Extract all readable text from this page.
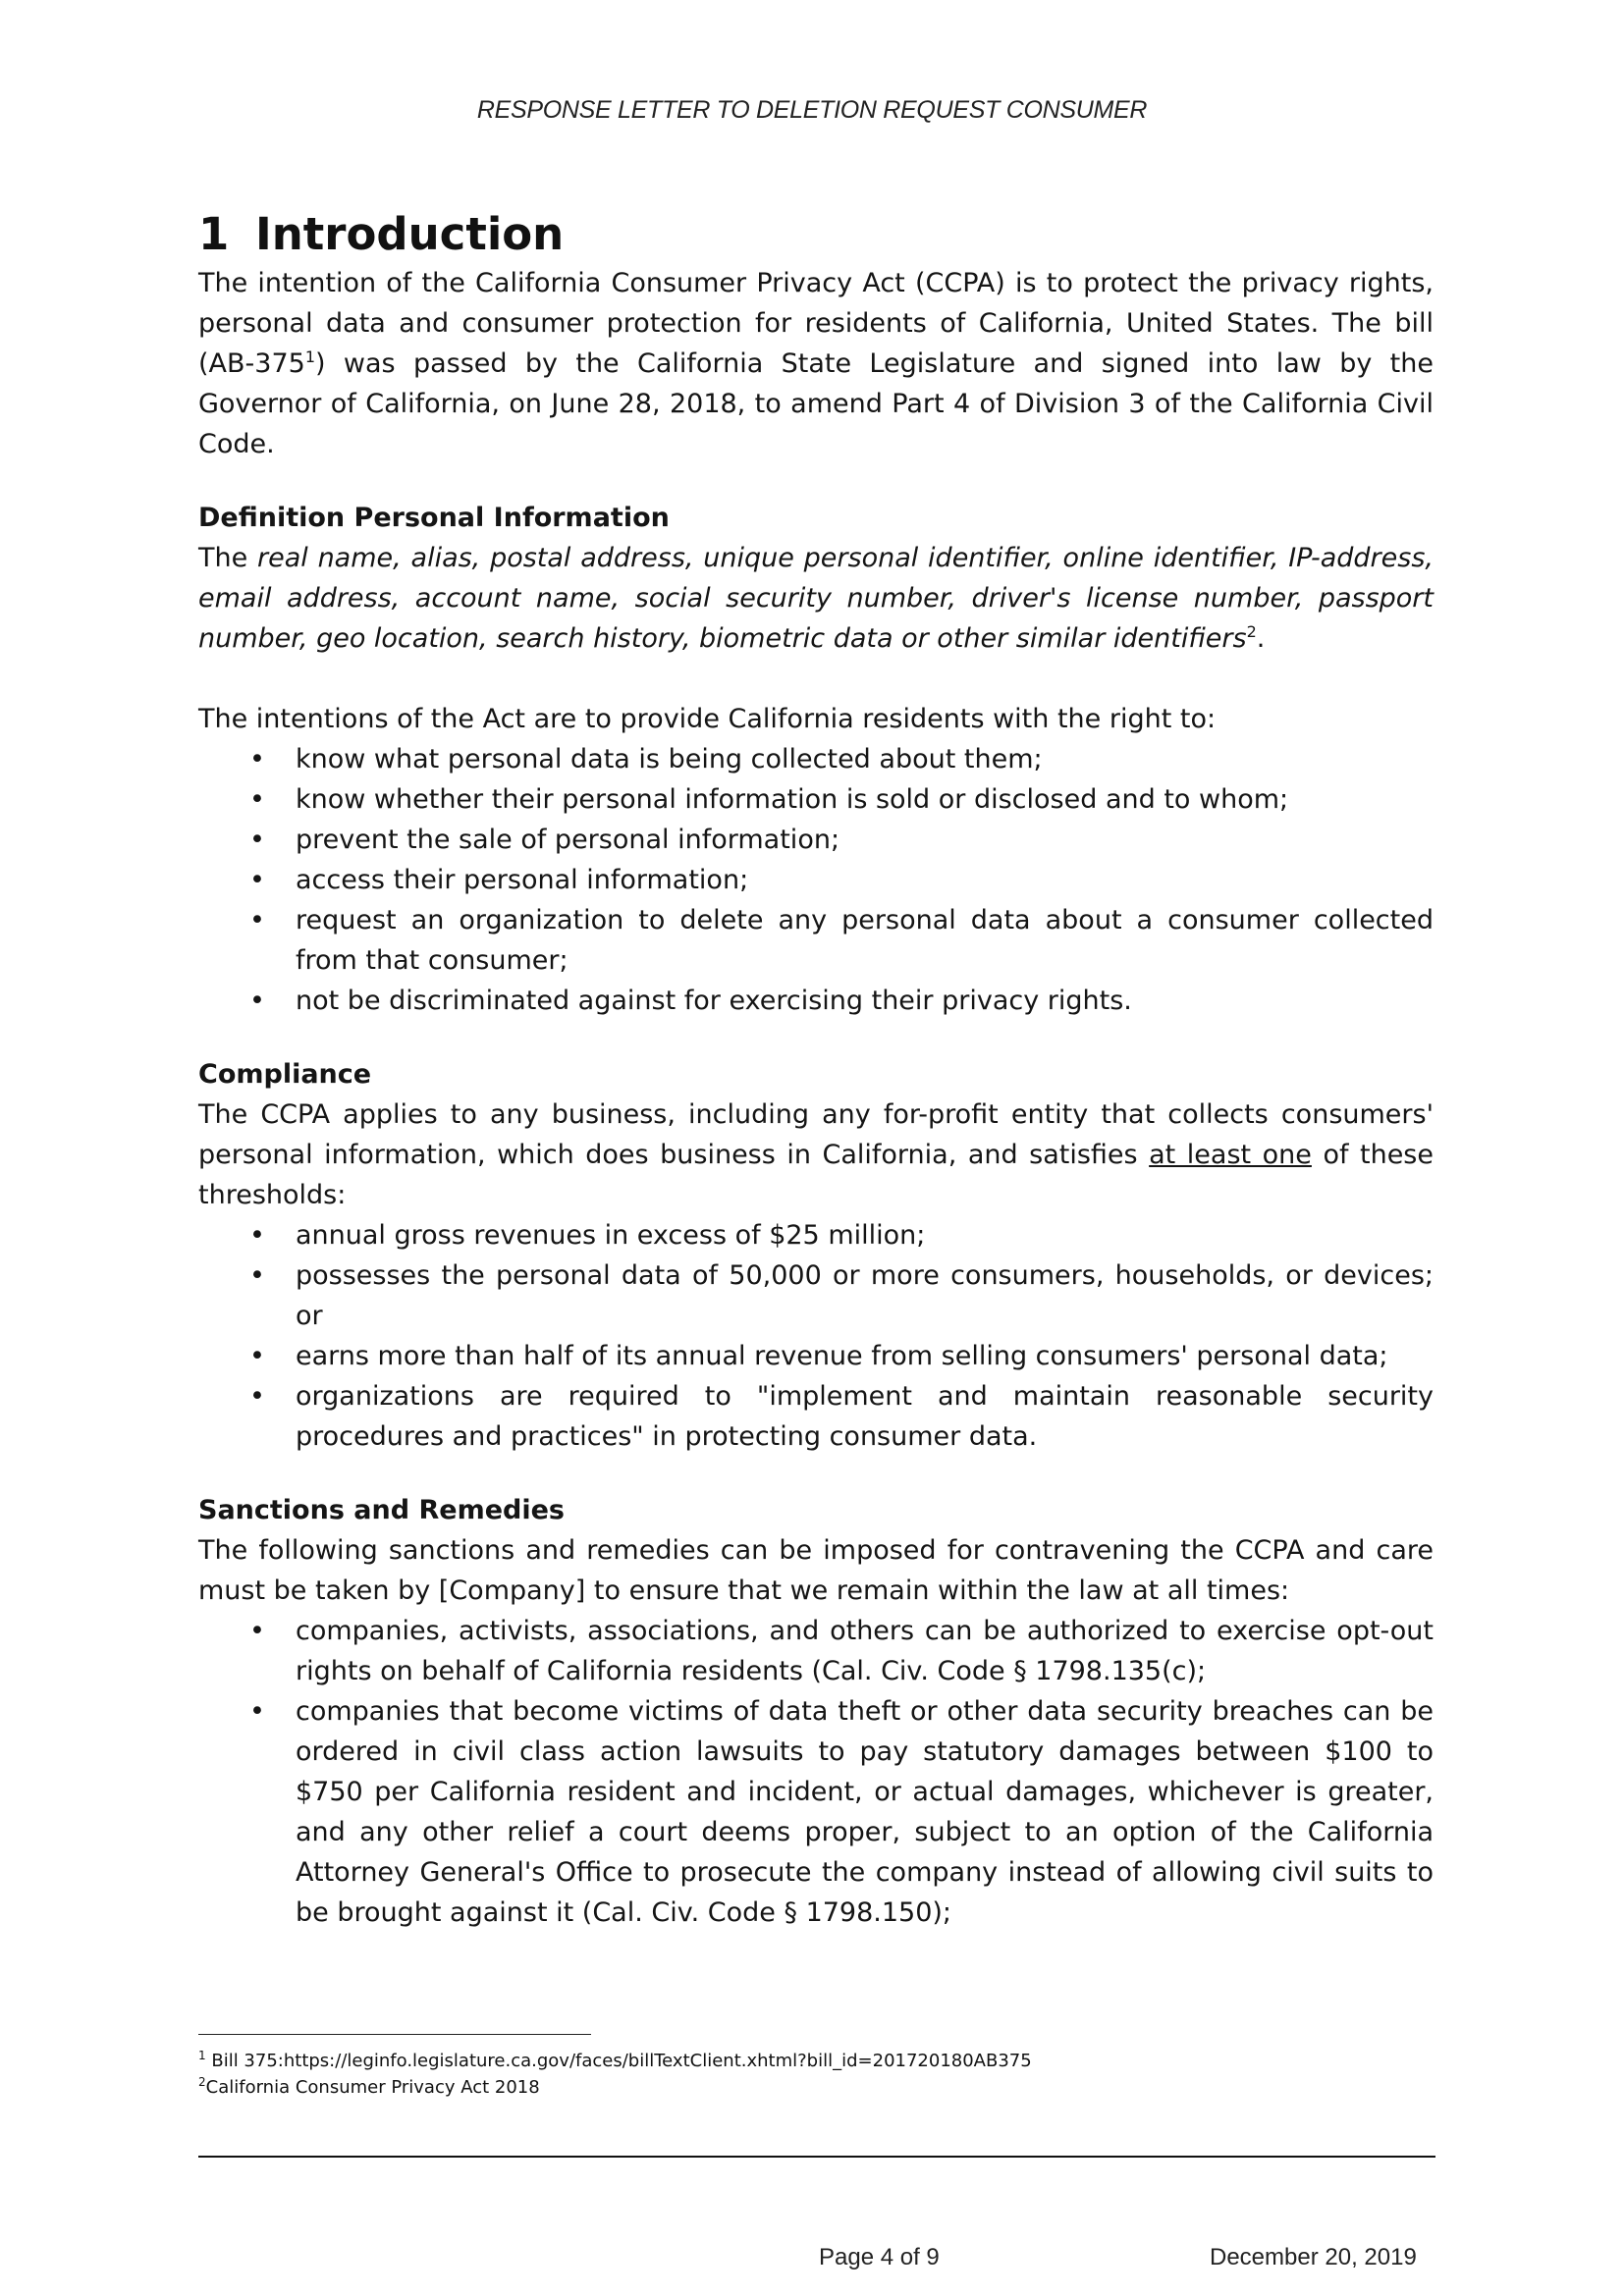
RESPONSE LETTER TO DELETION REQUEST CONSUMER
1 Introduction

The intention of the California Consumer Privacy Act (CCPA) is to protect the privacy rights, personal data and consumer protection for residents of California, United States. The bill $(AB-375^1)$ was passed by the California State Legislature and signed into law by the Governor of California, on June 28, 2018, to amend Part 4 of Division 3 of the California Civil Code.

Definition Personal Information

The real name, alias, postal address, unique personal identifier, online identifier, IP-address, email address, account name, social security number, driver's license number, passport number, geo location, search history, biometric data or other similar identifiers$^2$.

The intentions of the Act are to provide California residents with the right to:

• know what personal data is being collected about them;
• know whether their personal information is sold or disclosed and to whom;
• prevent the sale of personal information;
• access their personal information;
• request an organization to delete any personal data about a consumer collected from that consumer;
• not be discriminated against for exercising their privacy rights.

Compliance

The CCPA applies to any business, including any for-profit entity that collects consumers' personal information, which does business in California, and satisfies at least one of these thresholds:

• annual gross revenues in excess of $25 million;
• possesses the personal data of 50,000 or more consumers, households, or devices; or
• earns more than half of its annual revenue from selling consumers' personal data;
• organizations are required to "implement and maintain reasonable security procedures and practices" in protecting consumer data.

Sanctions and Remedies

The following sanctions and remedies can be imposed for contravening the CCPA and care must be taken by [Company] to ensure that we remain within the law at all times:

• companies, activists, associations, and others can be authorized to exercise opt-out rights on behalf of California residents (Cal. Civ. Code § 1798.135(c);
• companies that become victims of data theft or other data security breaches can be ordered in civil class action lawsuits to pay statutory damages between $100 to $750 per California resident and incident, or actual damages, whichever is greater, and any other relief a court deems proper, subject to an option of the California Attorney General's Office to prosecute the company instead of allowing civil suits to be brought against it (Cal. Civ. Code § 1798.150);
$^1$ Bill 375:https://leginfo.legislature.ca.gov/faces/billTextClient.xhtml?bill_id=201720180AB375
$^2$California Consumer Privacy Act 2018
Page 4 of 9	December 20, 2019
